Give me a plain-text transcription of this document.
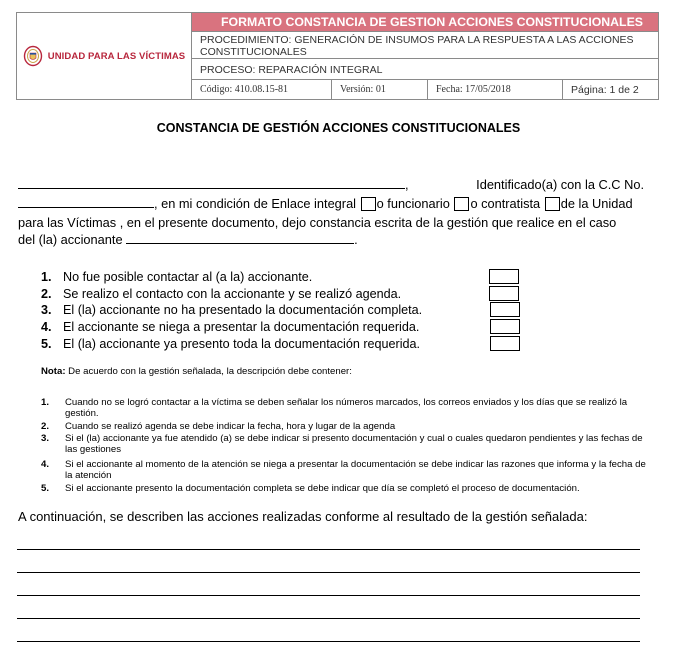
UNIDAD PARA LAS VÍCTIMAS
FORMATO CONSTANCIA DE GESTION ACCIONES CONSTITUCIONALES
PROCEDIMIENTO: GENERACIÓN DE INSUMOS PARA LA RESPUESTA A LAS ACCIONES CONSTITUCIONALES
PROCESO: REPARACIÓN INTEGRAL
Código: 410.08.15-81	Versión: 01	Fecha: 17/05/2018	Página: 1 de 2
CONSTANCIA DE GESTIÓN ACCIONES CONSTITUCIONALES
,	Identificado(a) con la C.C No.
, en mi condición de Enlace integral o funcionario o contratista de la Unidad
para las Víctimas , en el presente documento, dejo constancia escrita de la gestión que realice en el caso
del (la) accionante	.
1. No fue posible contactar al (a la) accionante.
2. Se realizo el contacto con la accionante y se realizó agenda.
3. El (la) accionante no ha presentado la documentación completa.
4. El accionante se niega a presentar la documentación requerida.
5. El (la) accionante ya presento toda la documentación requerida.
Nota: De acuerdo con la gestión señalada, la descripción debe contener:
1. Cuando no se logró contactar a la víctima se deben señalar los números marcados, los correos enviados y los días que se realizó la gestión.
2. Cuando se realizó agenda se debe indicar la fecha, hora y lugar de la agenda
3. Si el (la) accionante ya fue atendido (a) se debe indicar si presento documentación y cual o cuales quedaron pendientes y las fechas de las gestiones
4. Si el accionante al momento de la atención se niega a presentar la documentación se debe indicar las razones que informa y la fecha de la atención
5. Si el accionante presento la documentación completa se debe indicar que día se completó el proceso de documentación.
A continuación, se describen las acciones realizadas conforme al resultado de la gestión señalada:
